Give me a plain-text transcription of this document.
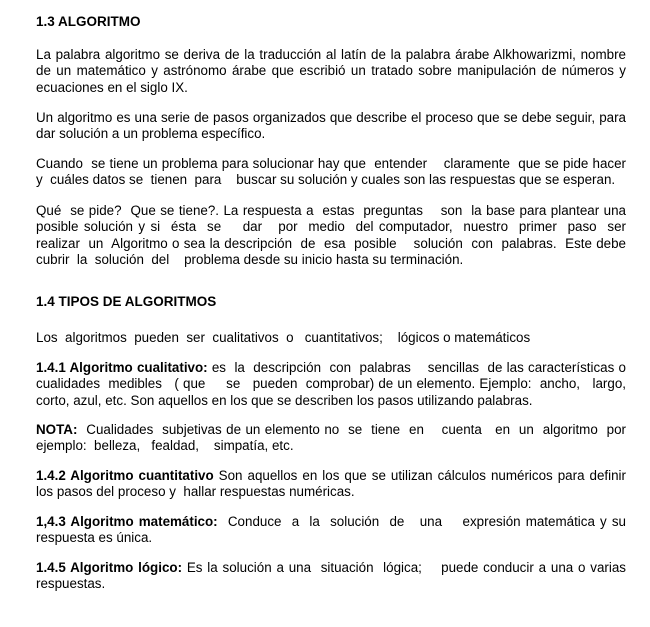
1.3 ALGORITMO
La palabra algoritmo se deriva de la traducción al latín de la palabra árabe Alkhowarizmi, nombre
de un matemático y astrónomo árabe que escribió un tratado sobre manipulación de números y
ecuaciones en el siglo IX.
Un algoritmo es una serie de pasos organizados que describe el proceso que se debe seguir, para
dar solución a un problema específico.
Cuando  se tiene un problema para solucionar hay que  entender    claramente  que se pide hacer
y  cuáles datos se  tienen  para    buscar su solución y cuales son las respuestas que se esperan.
Qué  se pide?  Que se tiene?. La respuesta a  estas  preguntas    son  la base para plantear una
posible solución y si  ésta  se    dar   por  medio  del computador,  nuestro  primer  paso  ser
realizar  un  Algoritmo o sea la descripción  de  esa  posible    solución  con  palabras.  Este debe
cubrir  la  solución  del    problema desde su inicio hasta su terminación.
1.4 TIPOS DE ALGORITMOS
Los  algoritmos  pueden  ser  cualitativos  o   cuantitativos;    lógicos o matemáticos
1.4.1 Algoritmo cualitativo: es  la  descripción  con  palabras    sencillas  de las características o
cualidades  medibles   ( que     se   pueden  comprobar) de un elemento. Ejemplo:  ancho,   largo,
corto, azul, etc. Son aquellos en los que se describen los pasos utilizando palabras.
NOTA:  Cualidades  subjetivas de un elemento no  se  tiene  en    cuenta   en  un  algoritmo  por
ejemplo:  belleza,   fealdad,    simpatía, etc.
1.4.2 Algoritmo cuantitativo Son aquellos en los que se utilizan cálculos numéricos para definir
los pasos del proceso y  hallar respuestas numéricas.
1,4.3 Algoritmo matemático:  Conduce  a  la  solución  de   una    expresión matemática y su
respuesta es única.
1.4.5 Algoritmo lógico: Es la solución a una  situación  lógica;    puede conducir a una o varias
respuestas.
